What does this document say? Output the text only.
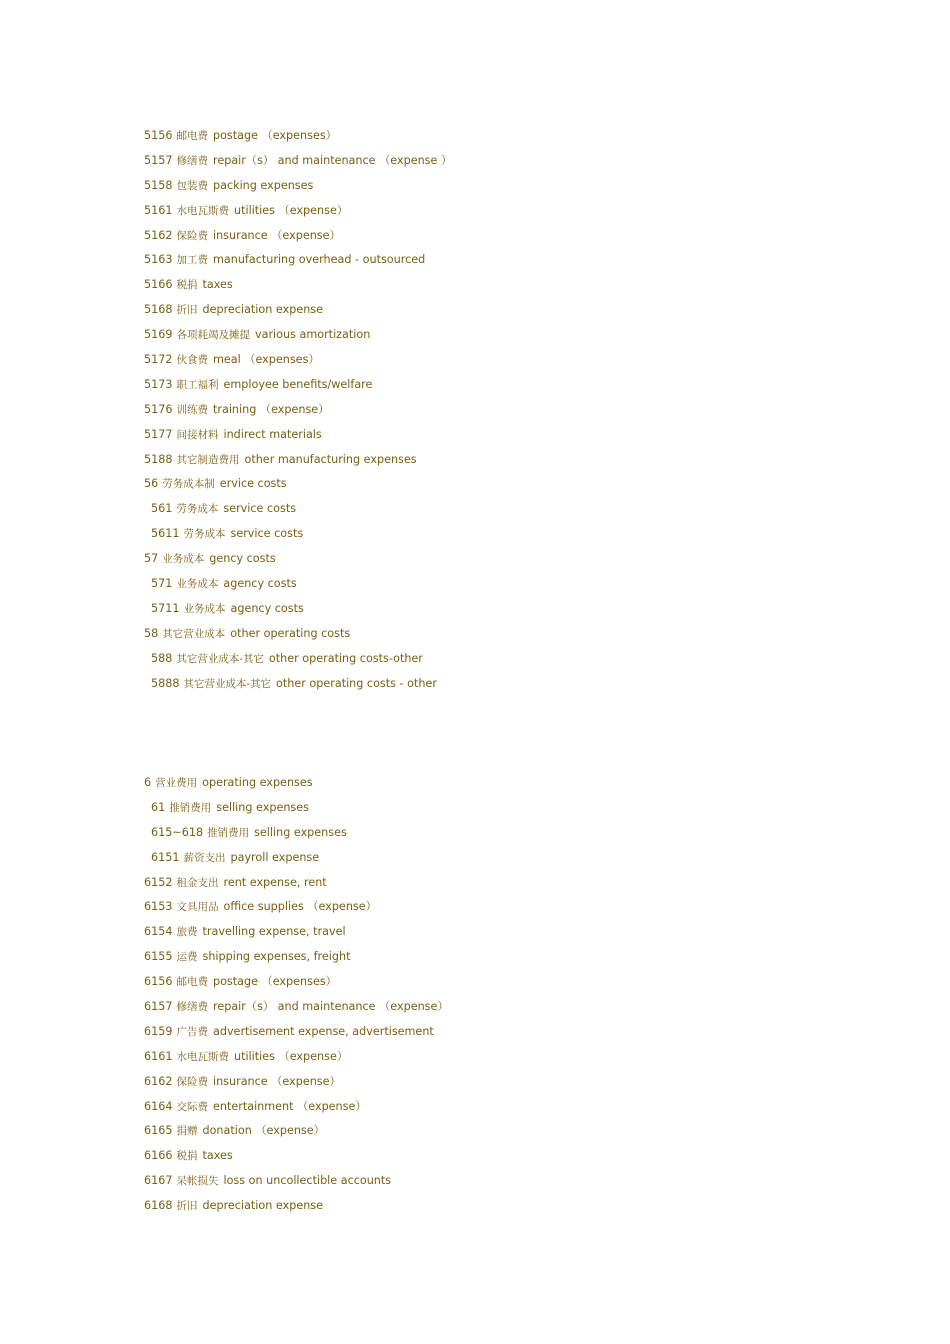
5156 邮电费 postage （expenses）
5157 修缮费 repair（s） and maintenance （expense ）
5158 包装费 packing expenses
5161 水电瓦斯费 utilities （expense）
5162 保险费 insurance （expense）
5163 加工费 manufacturing overhead - outsourced
5166 税捐 taxes
5168 折旧 depreciation expense
5169 各项耗竭及摊提 various amortization
5172 伙食费 meal （expenses）
5173 职工福利 employee benefits/welfare
5176 训练费 training （expense）
5177 间接材料 indirect materials
5188 其它制造费用 other manufacturing expenses
56 劳务成本制 ervice costs
561 劳务成本 service costs
5611 劳务成本 service costs
57 业务成本 gency costs
571 业务成本 agency costs
5711 业务成本 agency costs
58 其它营业成本 other operating costs
588 其它营业成本-其它 other operating costs-other
5888 其它营业成本-其它 other operating costs - other
6 营业费用 operating expenses
61 推销费用 selling expenses
615~618 推销费用 selling expenses
6151 薪资支出 payroll expense
6152 租金支出 rent expense, rent
6153 文具用品 office supplies （expense）
6154 旅费 travelling expense, travel
6155 运费 shipping expenses, freight
6156 邮电费 postage （expenses）
6157 修缮费 repair（s） and maintenance （expense）
6159 广告费 advertisement expense, advertisement
6161 水电瓦斯费 utilities （expense）
6162 保险费 insurance （expense）
6164 交际费 entertainment （expense）
6165 捐赠 donation （expense）
6166 税捐 taxes
6167 呆帐损失 loss on uncollectible accounts
6168 折旧 depreciation expense
